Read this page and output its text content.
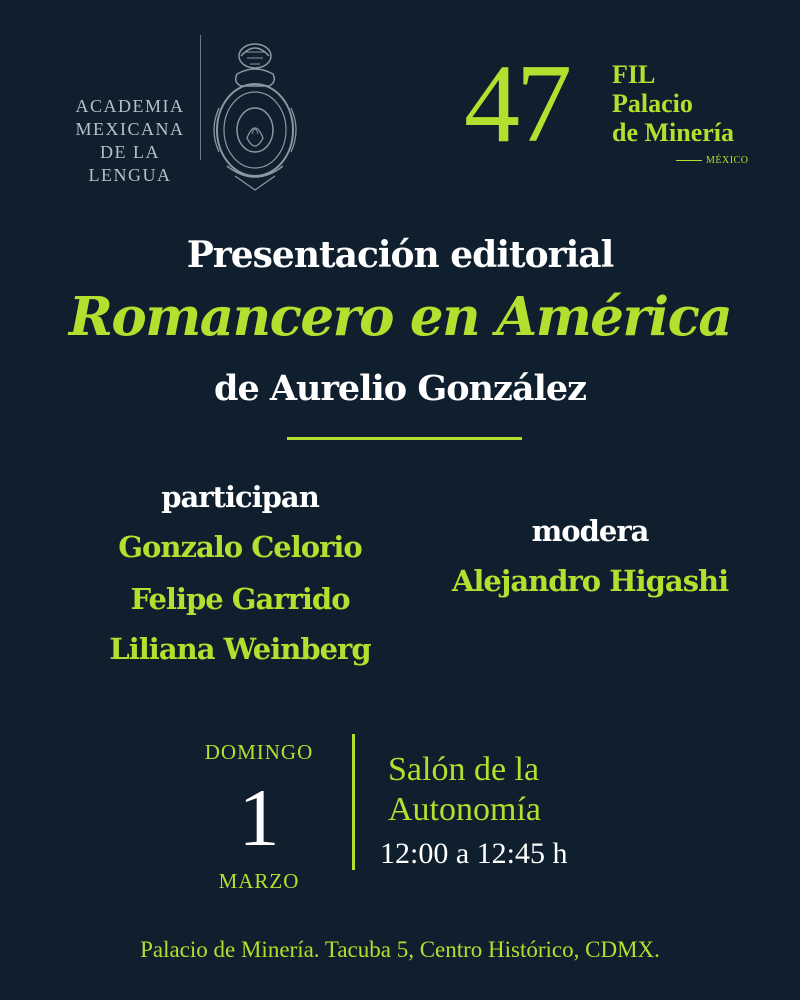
ACADEMIA
MEXICANA
DE LA
LENGUA
47 FIL
Palacio
de Minería
MÉXICO
Presentación editorial
Romancero en América
de Aurelio González
participan
Gonzalo Celorio
Felipe Garrido
Liliana Weinberg
modera
Alejandro Higashi
DOMINGO
1
MARZO
Salón de la
Autonomía
12:00 a 12:45 h
Palacio de Minería. Tacuba 5, Centro Histórico, CDMX.
